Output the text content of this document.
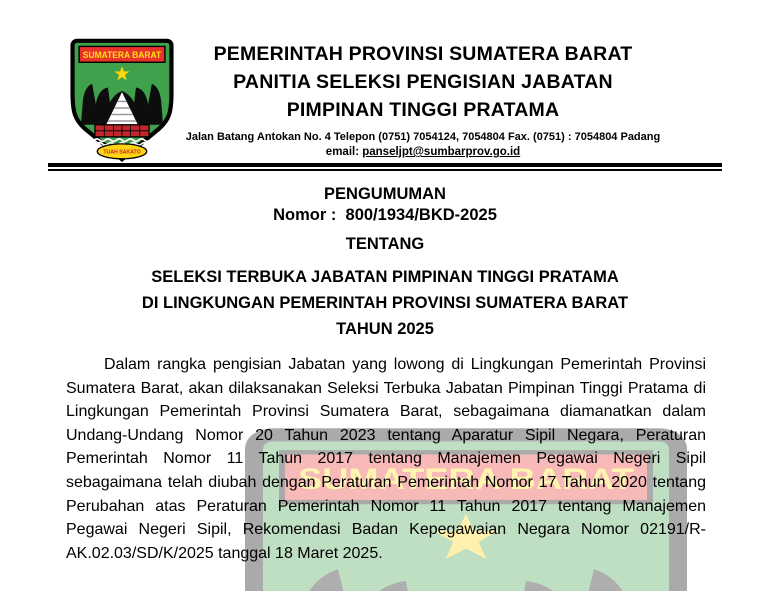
PEMERINTAH PROVINSI SUMATERA BARAT
PANITIA SELEKSI PENGISIAN JABATAN
PIMPINAN TINGGI PRATAMA
Jalan Batang Antokan No. 4 Telepon (0751) 7054124, 7054804 Fax. (0751) : 7054804 Padang
email: panseljpt@sumbarprov.go.id
PENGUMUMAN
Nomor :  800/1934/BKD-2025
TENTANG
SELEKSI TERBUKA JABATAN PIMPINAN TINGGI PRATAMA
DI LINGKUNGAN PEMERINTAH PROVINSI SUMATERA BARAT
TAHUN 2025

Dalam rangka pengisian Jabatan yang lowong di Lingkungan Pemerintah Provinsi Sumatera Barat, akan dilaksanakan Seleksi Terbuka Jabatan Pimpinan Tinggi Pratama di Lingkungan Pemerintah Provinsi Sumatera Barat, sebagaimana diamanatkan dalam Undang-Undang Nomor 20 Tahun 2023 tentang Aparatur Sipil Negara, Peraturan Pemerintah Nomor 11 Tahun 2017 tentang Manajemen Pegawai Negeri Sipil sebagaimana telah diubah dengan Peraturan Pemerintah Nomor 17 Tahun 2020 tentang Perubahan atas Peraturan Pemerintah Nomor 11 Tahun 2017 tentang Manajemen Pegawai Negeri Sipil, Rekomendasi Badan Kepegawaian Negara Nomor 02191/R-AK.02.03/SD/K/2025 tanggal 18 Maret 2025.
